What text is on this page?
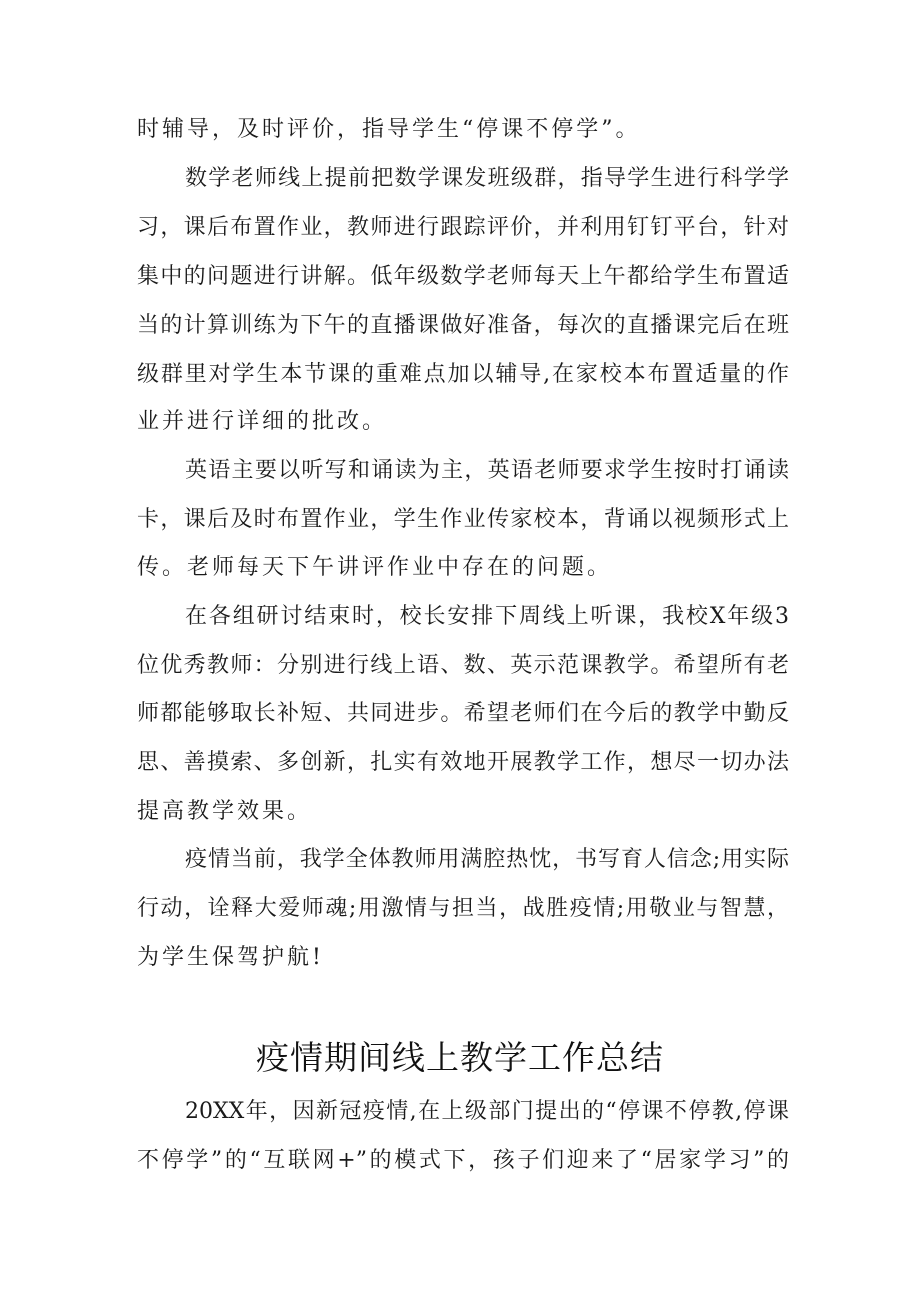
时辅导，及时评价，指导学生“停课不停学”。
数学老师线上提前把数学课发班级群，指导学生进行科学学
习，课后布置作业，教师进行跟踪评价，并利用钉钉平台，针对
集中的问题进行讲解。低年级数学老师每天上午都给学生布置适
当的计算训练为下午的直播课做好准备，每次的直播课完后在班
级群里对学生本节课的重难点加以辅导,在家校本布置适量的作
业并进行详细的批改。
英语主要以听写和诵读为主，英语老师要求学生按时打诵读
卡，课后及时布置作业，学生作业传家校本，背诵以视频形式上
传。老师每天下午讲评作业中存在的问题。
在各组研讨结束时，校长安排下周线上听课，我校X年级3
位优秀教师：分别进行线上语、数、英示范课教学。希望所有老
师都能够取长补短、共同进步。希望老师们在今后的教学中勤反
思、善摸索、多创新，扎实有效地开展教学工作，想尽一切办法
提高教学效果。
疫情当前，我学全体教师用满腔热忱，书写育人信念;用实际
行动，诠释大爱师魂;用激情与担当，战胜疫情;用敬业与智慧，
为学生保驾护航!
疫情期间线上教学工作总结
20XX年，因新冠疫情,在上级部门提出的“停课不停教,停课
不停学”的“互联网+”的模式下，孩子们迎来了“居家学习”的
